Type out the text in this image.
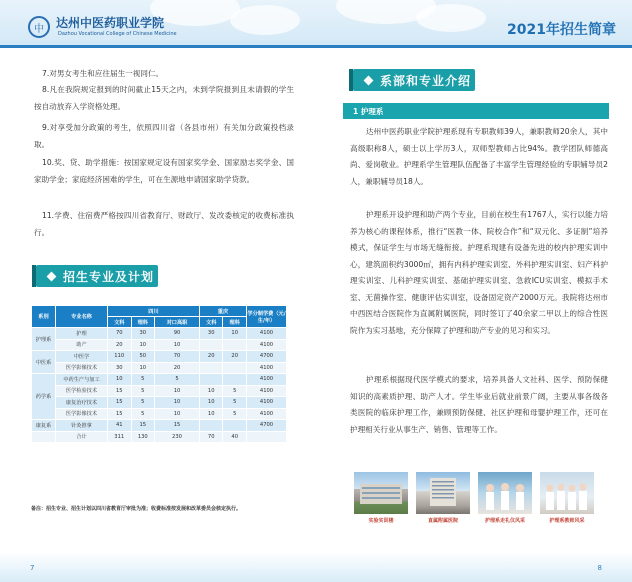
中 达州中医药职业学院
Dazhou Vocational College of Chinese Medicine
7.对男女考生和应往届生一视同仁。
8.凡在我院规定报到的时间截止15天之内，未到学院报到且未请假的学生按自动放弃入学资格处理。
9.对享受加分政策的考生，依照四川省（各县市州）有关加分政策投档录取。
10.奖、贷、助学措施：按国家规定设有国家奖学金、国家励志奖学金、国家助学金；家庭经济困难的学生，可在生源地申请国家助学贷款。
11.学费、住宿费严格按四川省教育厅、财政厅、发改委核定的收费标准执行。
招生专业及计划
系别	专业名称	四川			重庆		学分制学费（元/生/年）
		文科	理科	对口高职	文科	理科	
护理系	护理	70	30	90	30	10	4100
	助产	20	10	10			4100
中医系	中医学	110	50	70	20	20	4700
	医学影像技术	30	10	20			4100
药学系	中药生产与加工	10	5	5			4100
	医学检验技术	15	5	10	10	5	4100
	康复治疗技术	15	5	10	10	5	4100
	医学影像技术	15	5	10	10	5	4100
康复系	针灸推拿	41	15	15			4700
	合计	311	130	230	70	40	
备注：招生专业、招生计划以四川省教育厅审批为准；收费标准按发展和改革委员会核定执行。
7
2021年招生简章
系部和专业介绍
1 护理系
达州中医药职业学院护理系现有专职教师39人，兼职教师20余人，其中高级职称8人，硕士以上学历3人，双师型教师占比94%。教学团队师德高尚、爱岗敬业。护理系学生管理队伍配备了丰富学生管理经验的专职辅导员2人，兼职辅导员18人。
护理系开设护理和助产两个专业，目前在校生有1767人，实行以能力培养为核心的课程体系，推行“医教一体、院校合作”和“双元化、多证制”培养模式，保证学生与市场无缝衔接。护理系现建有设备先进的校内护理实训中心，建筑面积约3000㎡，拥有内科护理实训室、外科护理实训室、妇产科护理实训室、儿科护理实训室、基础护理实训室、急救ICU实训室、模拟手术室、无菌操作室、健康评估实训室，设备固定资产2000万元。我院将达州市中西医结合医院作为直属附属医院，同时签订了40余家二甲以上的综合性医院作为实习基地，充分保障了护理和助产专业的见习和实习。
护理系根据现代医学模式的要求，培养具备人文社科、医学、预防保健知识的高素质护理、助产人才。学生毕业后就业前景广阔，主要从事各级各类医院的临床护理工作，兼顾预防保健、社区护理和母婴护理工作，还可在护理相关行业从事生产、销售、管理等工作。
实验实训楼	直属附属医院	护理系走礼仪风采	护理系教师风采
8
